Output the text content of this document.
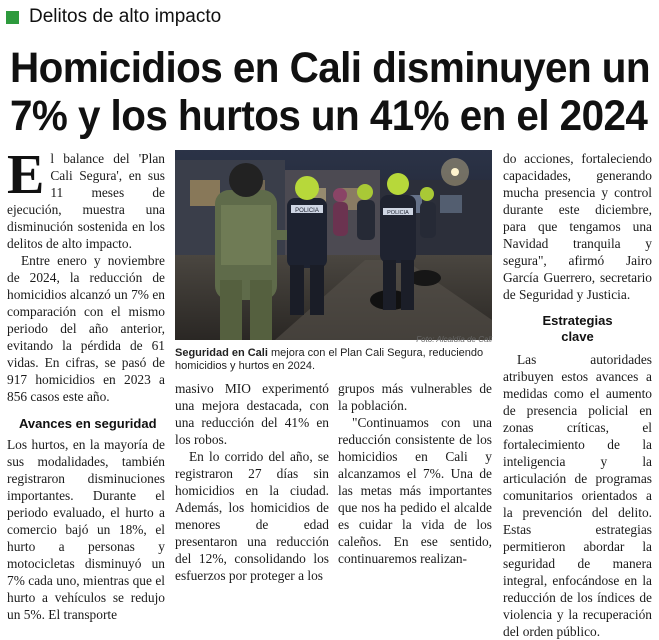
Delitos de alto impacto
Homicidios en Cali disminuyen un
7% y los hurtos un 41% en el 2024

El balance del 'Plan Cali Segura', en sus 11 meses de ejecución, muestra una disminución sostenida en los delitos de alto impacto.

Entre enero y noviembre de 2024, la reducción de homicidios alcanzó un 7% en comparación con el mismo periodo del año anterior, evitando la pérdida de 61 vidas. En cifras, se pasó de 917 homicidios en 2023 a 856 casos este año.

Avances en seguridad

Los hurtos, en la mayoría de sus modalidades, también registraron disminuciones importantes. Durante el periodo evaluado, el hurto a comercio bajó un 18%, el hurto a personas y motocicletas disminuyó un 7% cada uno, mientras que el hurto a vehículos se redujo un 5%. El transporte

POLICIA	POLICIA
Foto: Alcaldía de Cali
Seguridad en Cali mejora con el Plan Cali Segura, reduciendo homicidios y hurtos en 2024.

masivo MIO experimentó una mejora destacada, con una reducción del 41% en los robos.

En lo corrido del año, se registraron 27 días sin homicidios en la ciudad. Además, los homicidios de menores de edad presentaron una reducción del 12%, consolidando los esfuerzos por proteger a los

grupos más vulnerables de la población.

"Continuamos con una reducción consistente de los homicidios en Cali y alcanzamos el 7%. Una de las metas más importantes que nos ha pedido el alcalde es cuidar la vida de los caleños. En ese sentido, continuaremos realizan-

do acciones, fortaleciendo capacidades, generando mucha presencia y control durante este diciembre, para que tengamos una Navidad tranquila y segura", afirmó Jairo García Guerrero, secretario de Seguridad y Justicia.

Estrategias
clave

Las autoridades atribuyen estos avances a medidas como el aumento de presencia policial en zonas críticas, el fortalecimiento de la inteligencia y la articulación de programas comunitarios orientados a la prevención del delito. Estas estrategias permitieron abordar la seguridad de manera integral, enfocándose en la reducción de los índices de violencia y la recuperación del orden público.
